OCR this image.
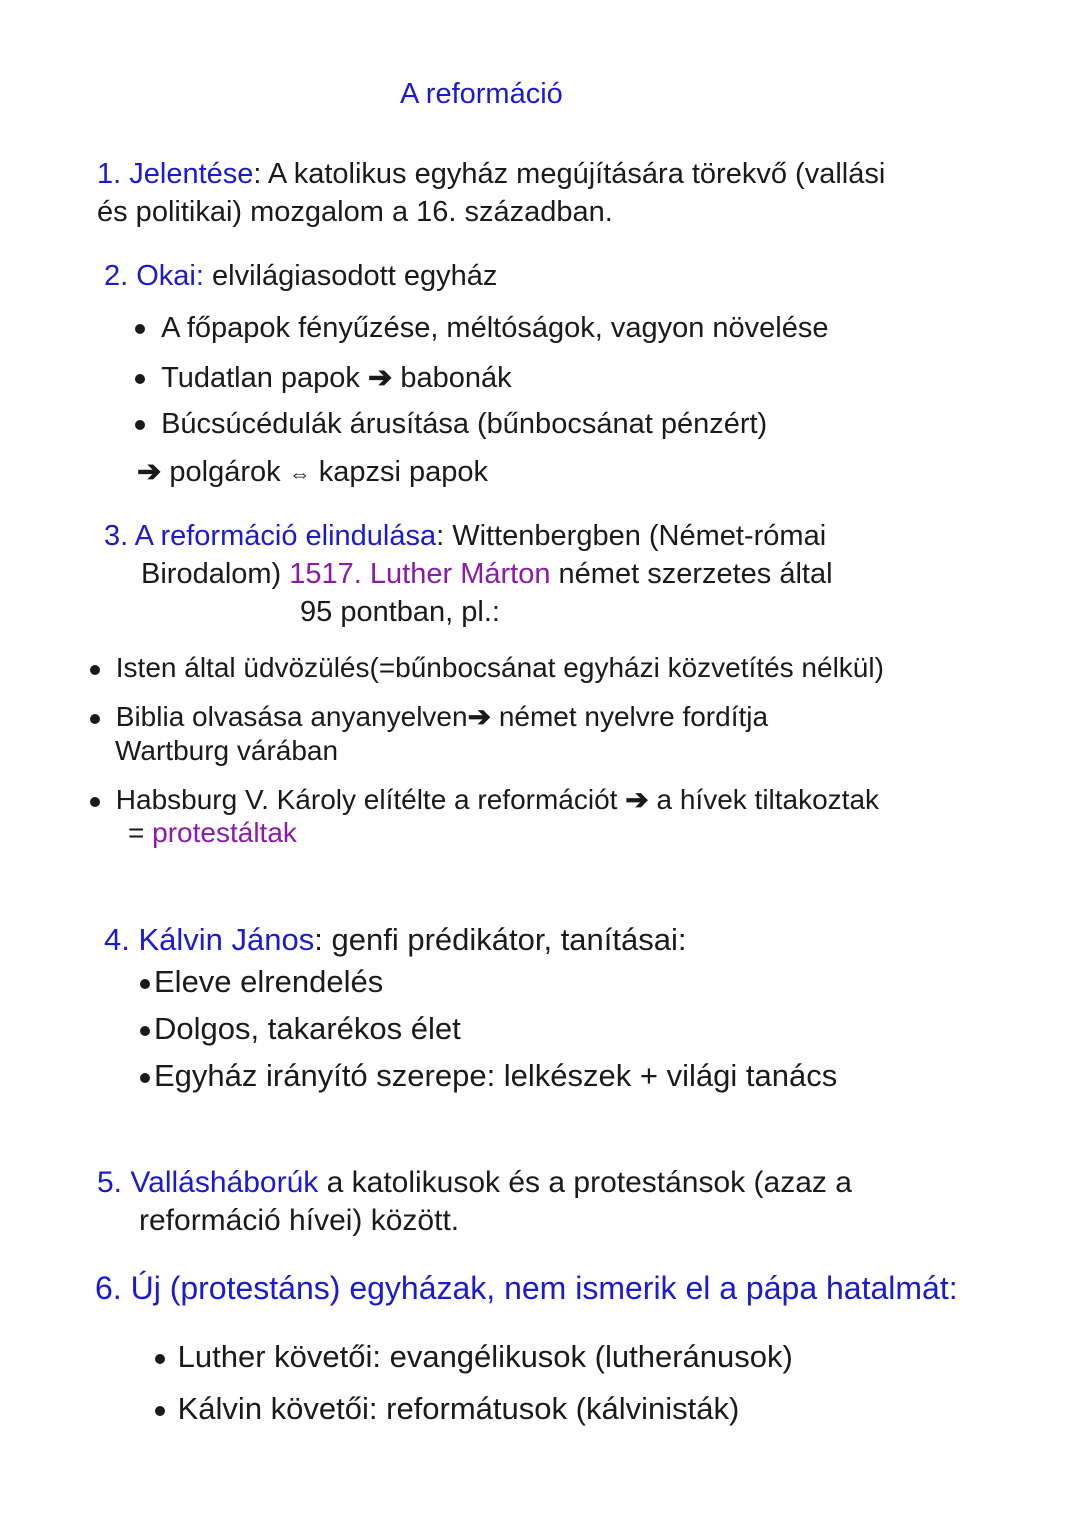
A reformáció
1. Jelentése: A katolikus egyház megújítására törekvő (vallási
és politikai) mozgalom a 16. században.
2. Okai: elvilágiasodott egyház
A főpapok fényűzése, méltóságok, vagyon növelése
Tudatlan papok ➔ babonák
Búcsúcédulák árusítása (bűnbocsánat pénzért)
➔ polgárok ⇔ kapzsi papok
3. A reformáció elindulása: Wittenbergben (Német-római
Birodalom) 1517. Luther Márton német szerzetes által
95 pontban, pl.:
Isten által üdvözülés(=bűnbocsánat egyházi közvetítés nélkül)
Biblia olvasása anyanyelven➔ német nyelvre fordítja
Wartburg várában
Habsburg V. Károly elítélte a reformációt ➔ a hívek tiltakoztak
= protestáltak
4. Kálvin János: genfi prédikátor, tanításai:
Eleve elrendelés
Dolgos, takarékos élet
Egyház irányító szerepe: lelkészek + világi tanács
5. Vallásháborúk a katolikusok és a protestánsok (azaz a
reformáció hívei) között.
6. Új (protestáns) egyházak, nem ismerik el a pápa hatalmát:
Luther követői: evangélikusok (lutheránusok)
Kálvin követői: reformátusok (kálvinisták)
